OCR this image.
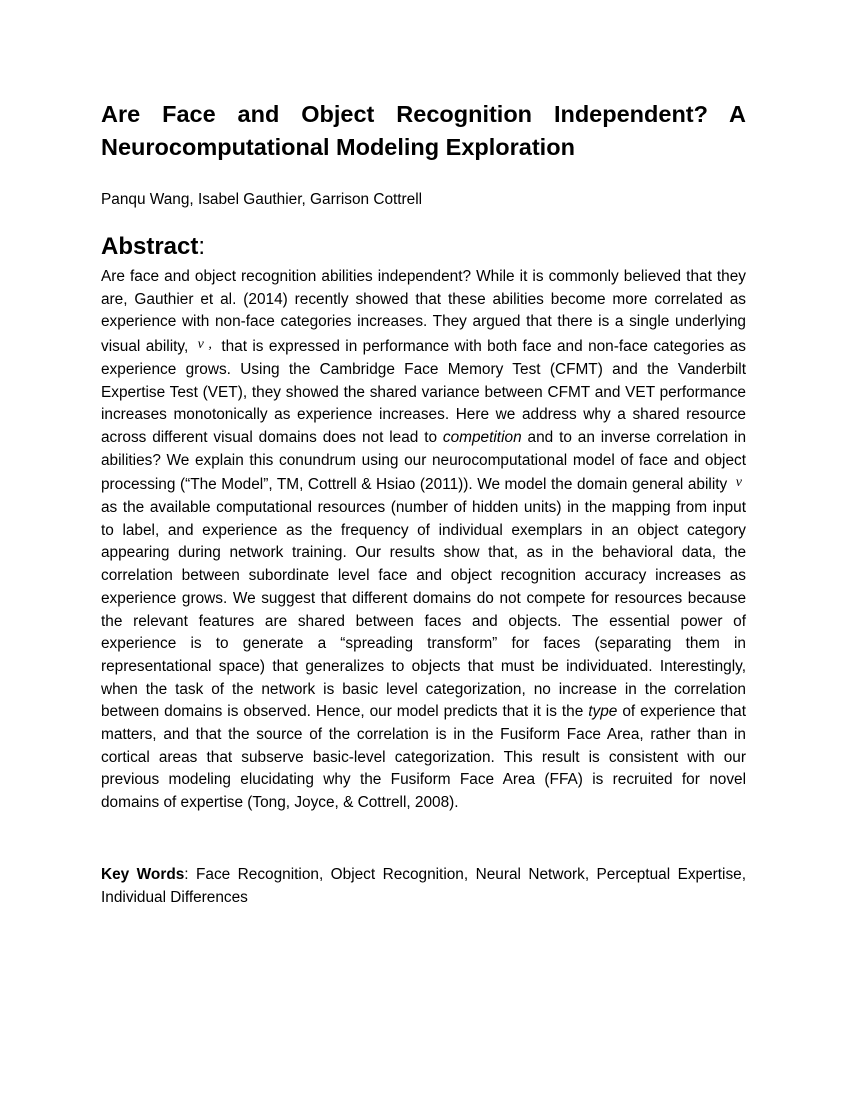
Are Face and Object Recognition Independent? A Neurocomputational Modeling Exploration

Panqu Wang, Isabel Gauthier, Garrison Cottrell

Abstract:

Are face and object recognition abilities independent? While it is commonly believed that they are, Gauthier et al. (2014) recently showed that these abilities become more correlated as experience with non-face categories increases. They argued that there is a single underlying visual ability, v , that is expressed in performance with both face and non-face categories as experience grows. Using the Cambridge Face Memory Test (CFMT) and the Vanderbilt Expertise Test (VET), they showed the shared variance between CFMT and VET performance increases monotonically as experience increases. Here we address why a shared resource across different visual domains does not lead to competition and to an inverse correlation in abilities? We explain this conundrum using our neurocomputational model of face and object processing (“The Model”, TM, Cottrell & Hsiao (2011)). We model the domain general ability v as the available computational resources (number of hidden units) in the mapping from input to label, and experience as the frequency of individual exemplars in an object category appearing during network training. Our results show that, as in the behavioral data, the correlation between subordinate level face and object recognition accuracy increases as experience grows. We suggest that different domains do not compete for resources because the relevant features are shared between faces and objects. The essential power of experience is to generate a “spreading transform” for faces (separating them in representational space) that generalizes to objects that must be individuated. Interestingly, when the task of the network is basic level categorization, no increase in the correlation between domains is observed. Hence, our model predicts that it is the type of experience that matters, and that the source of the correlation is in the Fusiform Face Area, rather than in cortical areas that subserve basic-level categorization. This result is consistent with our previous modeling elucidating why the Fusiform Face Area (FFA) is recruited for novel domains of expertise (Tong, Joyce, & Cottrell, 2008).

Key Words: Face Recognition, Object Recognition, Neural Network, Perceptual Expertise, Individual Differences
